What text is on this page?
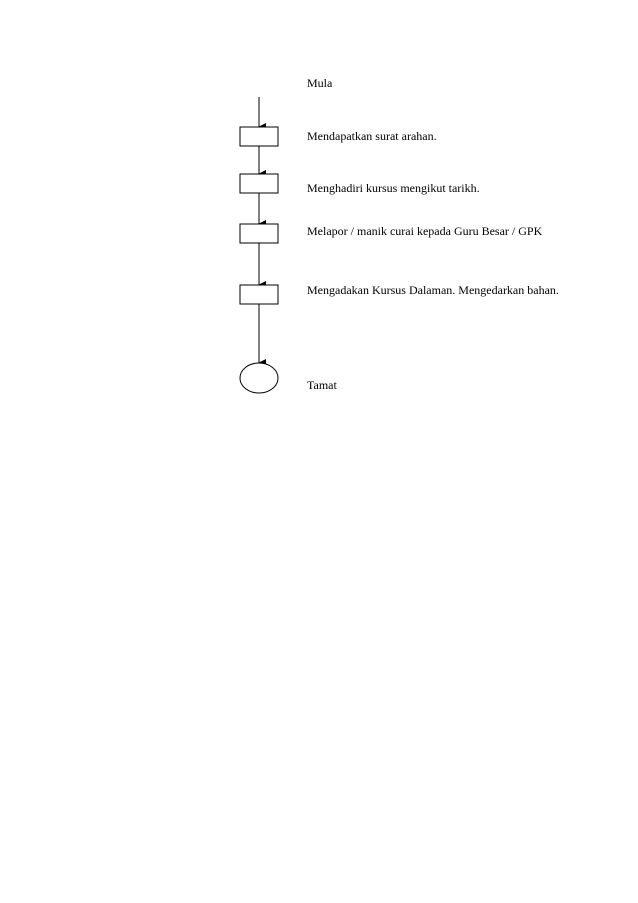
Mula
Mendapatkan surat arahan.
Menghadiri kursus mengikut tarikh.
Melapor / manik curai kepada Guru Besar / GPK
Mengadakan Kursus Dalaman. Mengedarkan bahan.
Tamat
